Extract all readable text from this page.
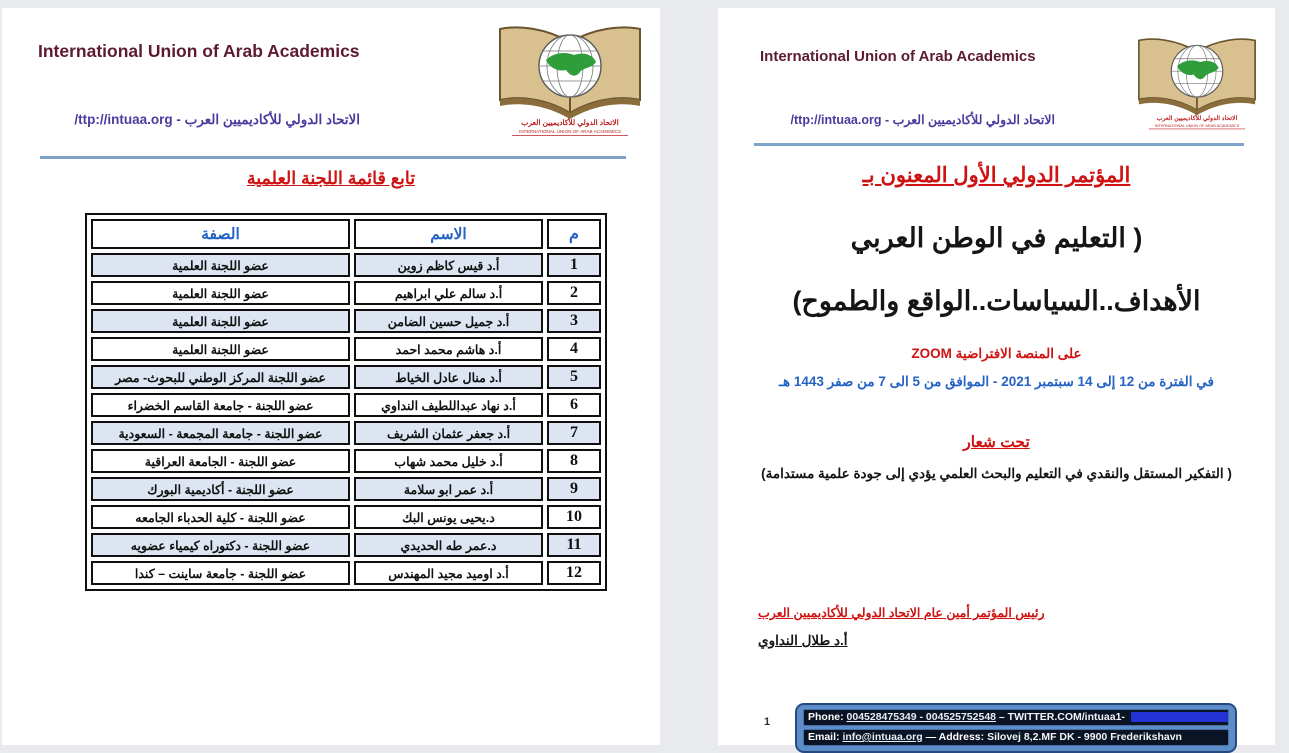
International Union of Arab Academics
الاتحاد الدولي للأكاديميين العرب
INTERNATIONAL UNION OF ARAB ACADEMICS
الاتحاد الدولي للأكاديميين العرب - /ttp://intuaa.org
تابع قائمة اللجنة العلمية
م	الاسم	الصفة
1	أ.د قيس كاظم زوين	عضو اللجنة العلمية
2	أ.د سالم علي ابراهيم	عضو اللجنة العلمية
3	أ.د جميل حسين الضامن	عضو اللجنة العلمية
4	أ.د هاشم محمد احمد	عضو اللجنة العلمية
5	أ.د منال عادل الخياط	عضو اللجنة المركز الوطني للبحوث- مصر
6	أ.د نهاد عبداللطيف النداوي	عضو اللجنة - جامعة القاسم الخضراء
7	أ.د جعفر عثمان الشريف	عضو اللجنة - جامعة المجمعة - السعودية
8	أ.د خليل محمد شهاب	عضو اللجنة - الجامعة العراقية
9	أ.د عمر ابو سلامة	عضو اللجنة - أكاديمية البورك
10	د.يحيى يونس البك	عضو اللجنة - كلية الحدباء الجامعه
11	د.عمر طه الحديدي	عضو اللجنة - دكتوراه كيمياء عضويه
12	أ.د اوميد مجيد المهندس	عضو اللجنة - جامعة ساينت – كندا
International Union of Arab Academics
الاتحاد الدولي للأكاديميين العرب
INTERNATIONAL UNION OF ARAB ACADEMICS
الاتحاد الدولي للأكاديميين العرب - /ttp://intuaa.org
المؤتمر الدولي الأول المعنون بـ
( التعليم في الوطن العربي
الأهداف..السياسات..الواقع والطموح)
على المنصة الافتراضية ZOOM
في الفترة من 12 إلى 14 سبتمبر 2021 - الموافق من 5 الى 7 من صفر 1443 هـ
تحت شعار
( التفكير المستقل والنقدي في التعليم والبحث العلمي يؤدي إلى جودة علمية مستدامة)
رئيس المؤتمر أمين عام الاتحاد الدولي للأكاديميين العرب
أ.د طلال النداوي
1	Phone: 004528475349 - 004525752548 – TWITTER.COM/intuaa1-
Email: info@intuaa.org — Address: Silovej 8,2.MF DK - 9900 Frederikshavn
